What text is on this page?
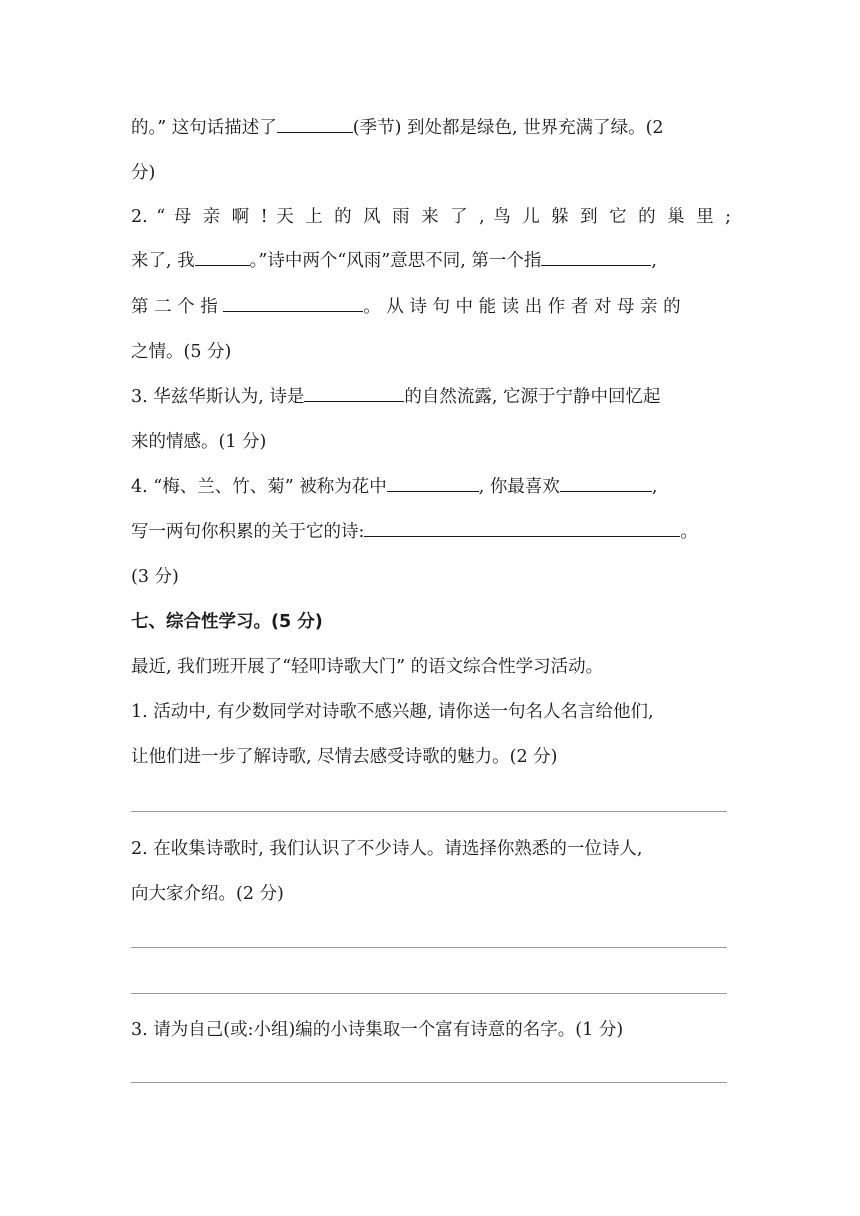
的。” 这句话描述了	(季节) 到处都是绿色, 世界充满了绿。(2
分)
2. “ 母 亲 啊 ! 天 上 的 风 雨 来 了 , 鸟 儿 躲 到 它 的 巢 里 ;
来了, 我	。”诗中两个“风雨”意思不同, 第一个指	,
第 二 个 指	。 从 诗 句 中 能 读 出 作 者 对 母 亲 的
之情。(5 分)
3. 华兹华斯认为, 诗是	的自然流露, 它源于宁静中回忆起
来的情感。(1 分)
4. “梅、兰、竹、菊” 被称为花中	, 你最喜欢	,
写一两句你积累的关于它的诗:	。
(3 分)
七、综合性学习。(5 分)
最近, 我们班开展了“轻叩诗歌大门” 的语文综合性学习活动。
1. 活动中, 有少数同学对诗歌不感兴趣, 请你送一句名人名言给他们,
让他们进一步了解诗歌, 尽情去感受诗歌的魅力。(2 分)
2. 在收集诗歌时, 我们认识了不少诗人。请选择你熟悉的一位诗人,
向大家介绍。(2 分)
3. 请为自己(或:小组)编的小诗集取一个富有诗意的名字。(1 分)
